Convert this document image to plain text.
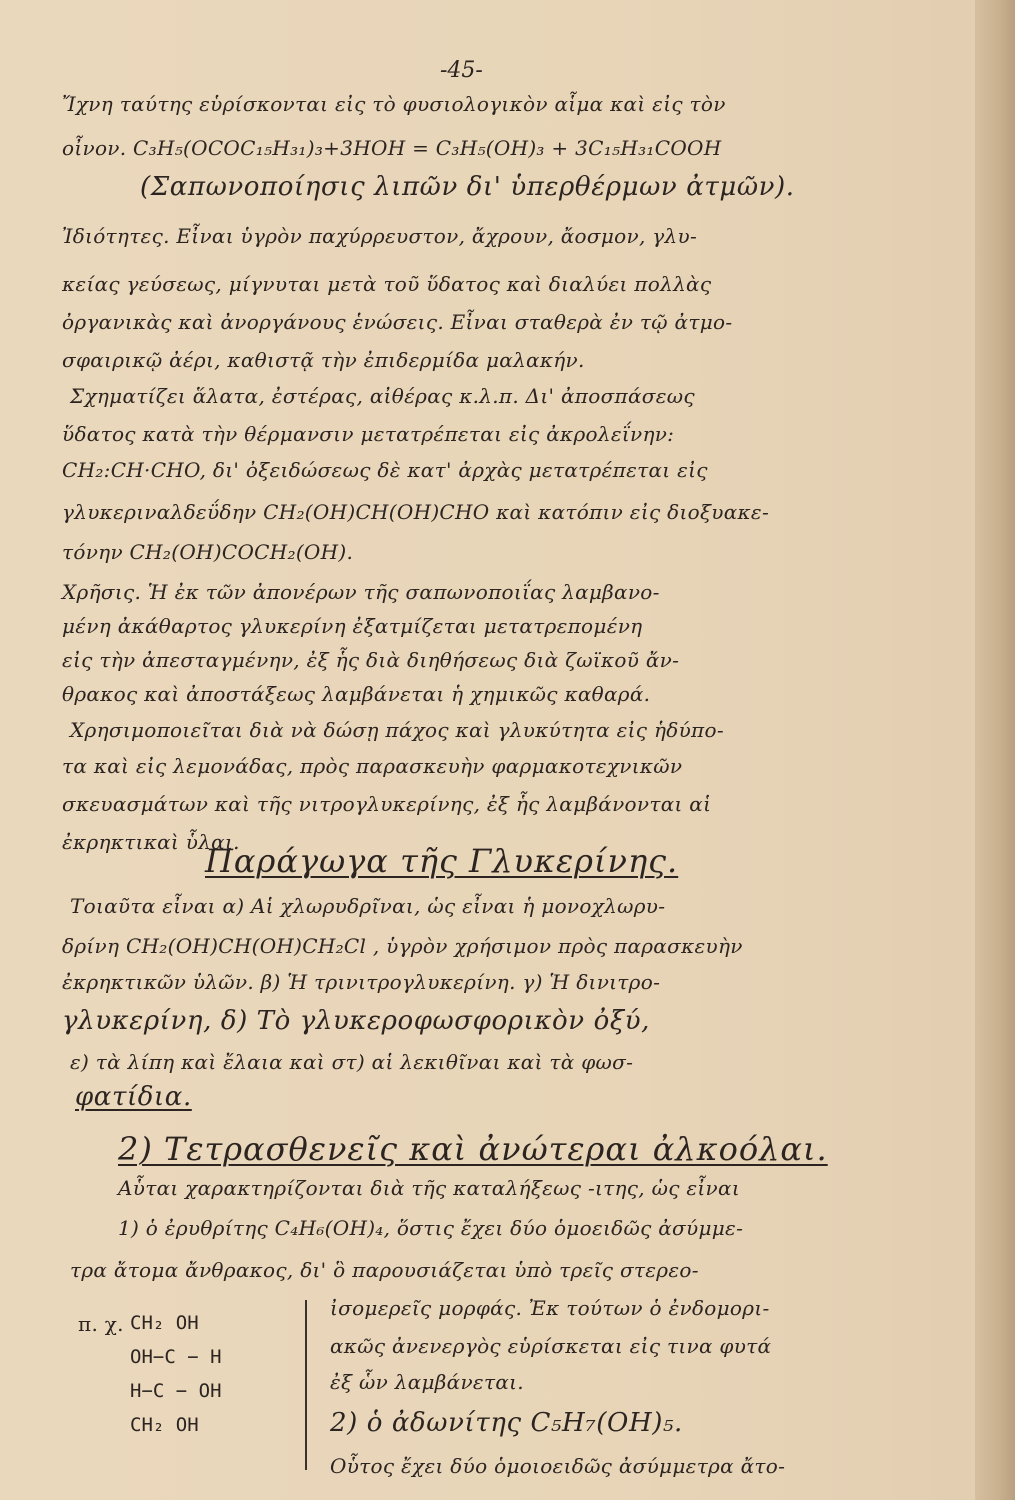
-45-
Ἴχνη ταύτης εὑρίσκονται εἰς τὸ φυσιολογικὸν αἷμα καὶ εἰς τὸν
οἶνον. C₃H₅(OCOC₁₅H₃₁)₃+3HOH = C₃H₅(OH)₃ + 3C₁₅H₃₁COOH
(Σαπωνοποίησις λιπῶν δι' ὑπερθέρμων ἀτμῶν).
Ἰδιότητες. Εἶναι ὑγρὸν παχύρρευστον, ἄχρουν, ἄοσμον, γλυ-
κείας γεύσεως, μίγνυται μετὰ τοῦ ὕδατος καὶ διαλύει πολλὰς
ὀργανικὰς καὶ ἀνοργάνους ἑνώσεις. Εἶναι σταθερὰ ἐν τῷ ἀτμο-
σφαιρικῷ ἀέρι, καθιστᾷ τὴν ἐπιδερμίδα μαλακήν.
Σχηματίζει ἅλατα, ἐστέρας, αἰθέρας κ.λ.π. Δι' ἀποσπάσεως
ὕδατος κατὰ τὴν θέρμανσιν μετατρέπεται εἰς ἀκρολεΐνην:
CH₂:CH·CHO, δι' ὀξειδώσεως δὲ κατ' ἀρχὰς μετατρέπεται εἰς
γλυκεριναλδεΰδην CH₂(OH)CH(OH)CHO καὶ κατόπιν εἰς διοξυακε-
τόνην CH₂(OH)COCH₂(OH).
Χρῆσις. Ἡ ἐκ τῶν ἀπονέρων τῆς σαπωνοποιΐας λαμβανο-
μένη ἀκάθαρτος γλυκερίνη ἐξατμίζεται μετατρεπομένη
εἰς τὴν ἀπεσταγμένην, ἐξ ἧς διὰ διηθήσεως διὰ ζωϊκοῦ ἄν-
θρακος καὶ ἀποστάξεως λαμβάνεται ἡ χημικῶς καθαρά.
Χρησιμοποιεῖται διὰ νὰ δώσῃ πάχος καὶ γλυκύτητα εἰς ἡδύπο-
τα καὶ εἰς λεμονάδας, πρὸς παρασκευὴν φαρμακοτεχνικῶν
σκευασμάτων καὶ τῆς νιτρογλυκερίνης, ἐξ ἧς λαμβάνονται αἱ
ἐκρηκτικαὶ ὗλαι.
Παράγωγα τῆς Γλυκερίνης.
Τοιαῦτα εἶναι α) Αἱ χλωρυδρῖναι, ὡς εἶναι ἡ μονοχλωρυ-
δρίνη CH₂(OH)CH(OH)CH₂Cl , ὑγρὸν χρήσιμον πρὸς παρασκευὴν
ἐκρηκτικῶν ὑλῶν. β) Ἡ τρινιτρογλυκερίνη. γ) Ἡ δινιτρο-
γλυκερίνη, δ) Τὸ γλυκεροφωσφορικὸν ὀξύ,
ε) τὰ λίπη καὶ ἔλαια καὶ στ) αἱ λεκιθῖναι καὶ τὰ φωσ-
φατίδια.
2) Τετρασθενεῖς καὶ ἀνώτεραι ἀλκοόλαι.
Αὗται χαρακτηρίζονται διὰ τῆς καταλήξεως -ιτης, ὡς εἶναι
1) ὁ ἐρυθρίτης C₄H₆(OH)₄, ὅστις ἔχει δύο ὁμοειδῶς ἀσύμμε-
τρα ἄτομα ἄνθρακος, δι' ὃ παρουσιάζεται ὑπὸ τρεῖς στερεο-
ἰσομερεῖς μορφάς. Ἐκ τούτων ὁ ἐνδομορι-
ακῶς ἀνενεργὸς εὑρίσκεται εἰς τινα φυτά
ἐξ ὧν λαμβάνεται.
2) ὁ ἀδωνίτης C₅H₇(OH)₅.
Οὗτος ἔχει δύο ὁμοιοειδῶς ἀσύμμετρα ἄτο-
π. χ. CH₂ OH
OH−C − H
H−C − OH
CH₂ OH
